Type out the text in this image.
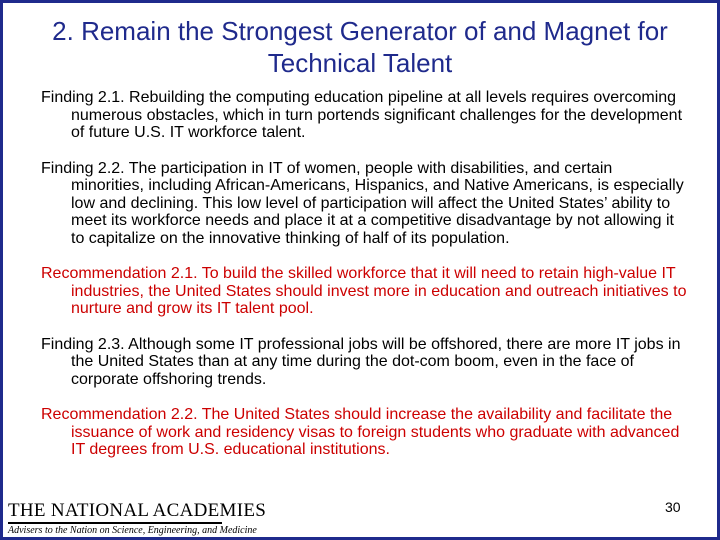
2. Remain the Strongest Generator of and Magnet for Technical Talent

Finding 2.1. Rebuilding the computing education pipeline at all levels requires overcoming numerous obstacles, which in turn portends significant challenges for the development of future U.S. IT workforce talent.

Finding 2.2. The participation in IT of women, people with disabilities, and certain minorities, including African-Americans, Hispanics, and Native Americans, is especially low and declining. This low level of participation will affect the United States’ ability to meet its workforce needs and place it at a competitive disadvantage by not allowing it to capitalize on the innovative thinking of half of its population.

Recommendation 2.1. To build the skilled workforce that it will need to retain high-value IT industries, the United States should invest more in education and outreach initiatives to nurture and grow its IT talent pool.

Finding 2.3. Although some IT professional jobs will be offshored, there are more IT jobs in the United States than at any time during the dot-com boom, even in the face of corporate offshoring trends.

Recommendation 2.2. The United States should increase the availability and facilitate the issuance of work and residency visas to foreign students who graduate with advanced IT degrees from U.S. educational institutions.

THE NATIONAL ACADEMIES
Advisers to the Nation on Science, Engineering, and Medicine
30
